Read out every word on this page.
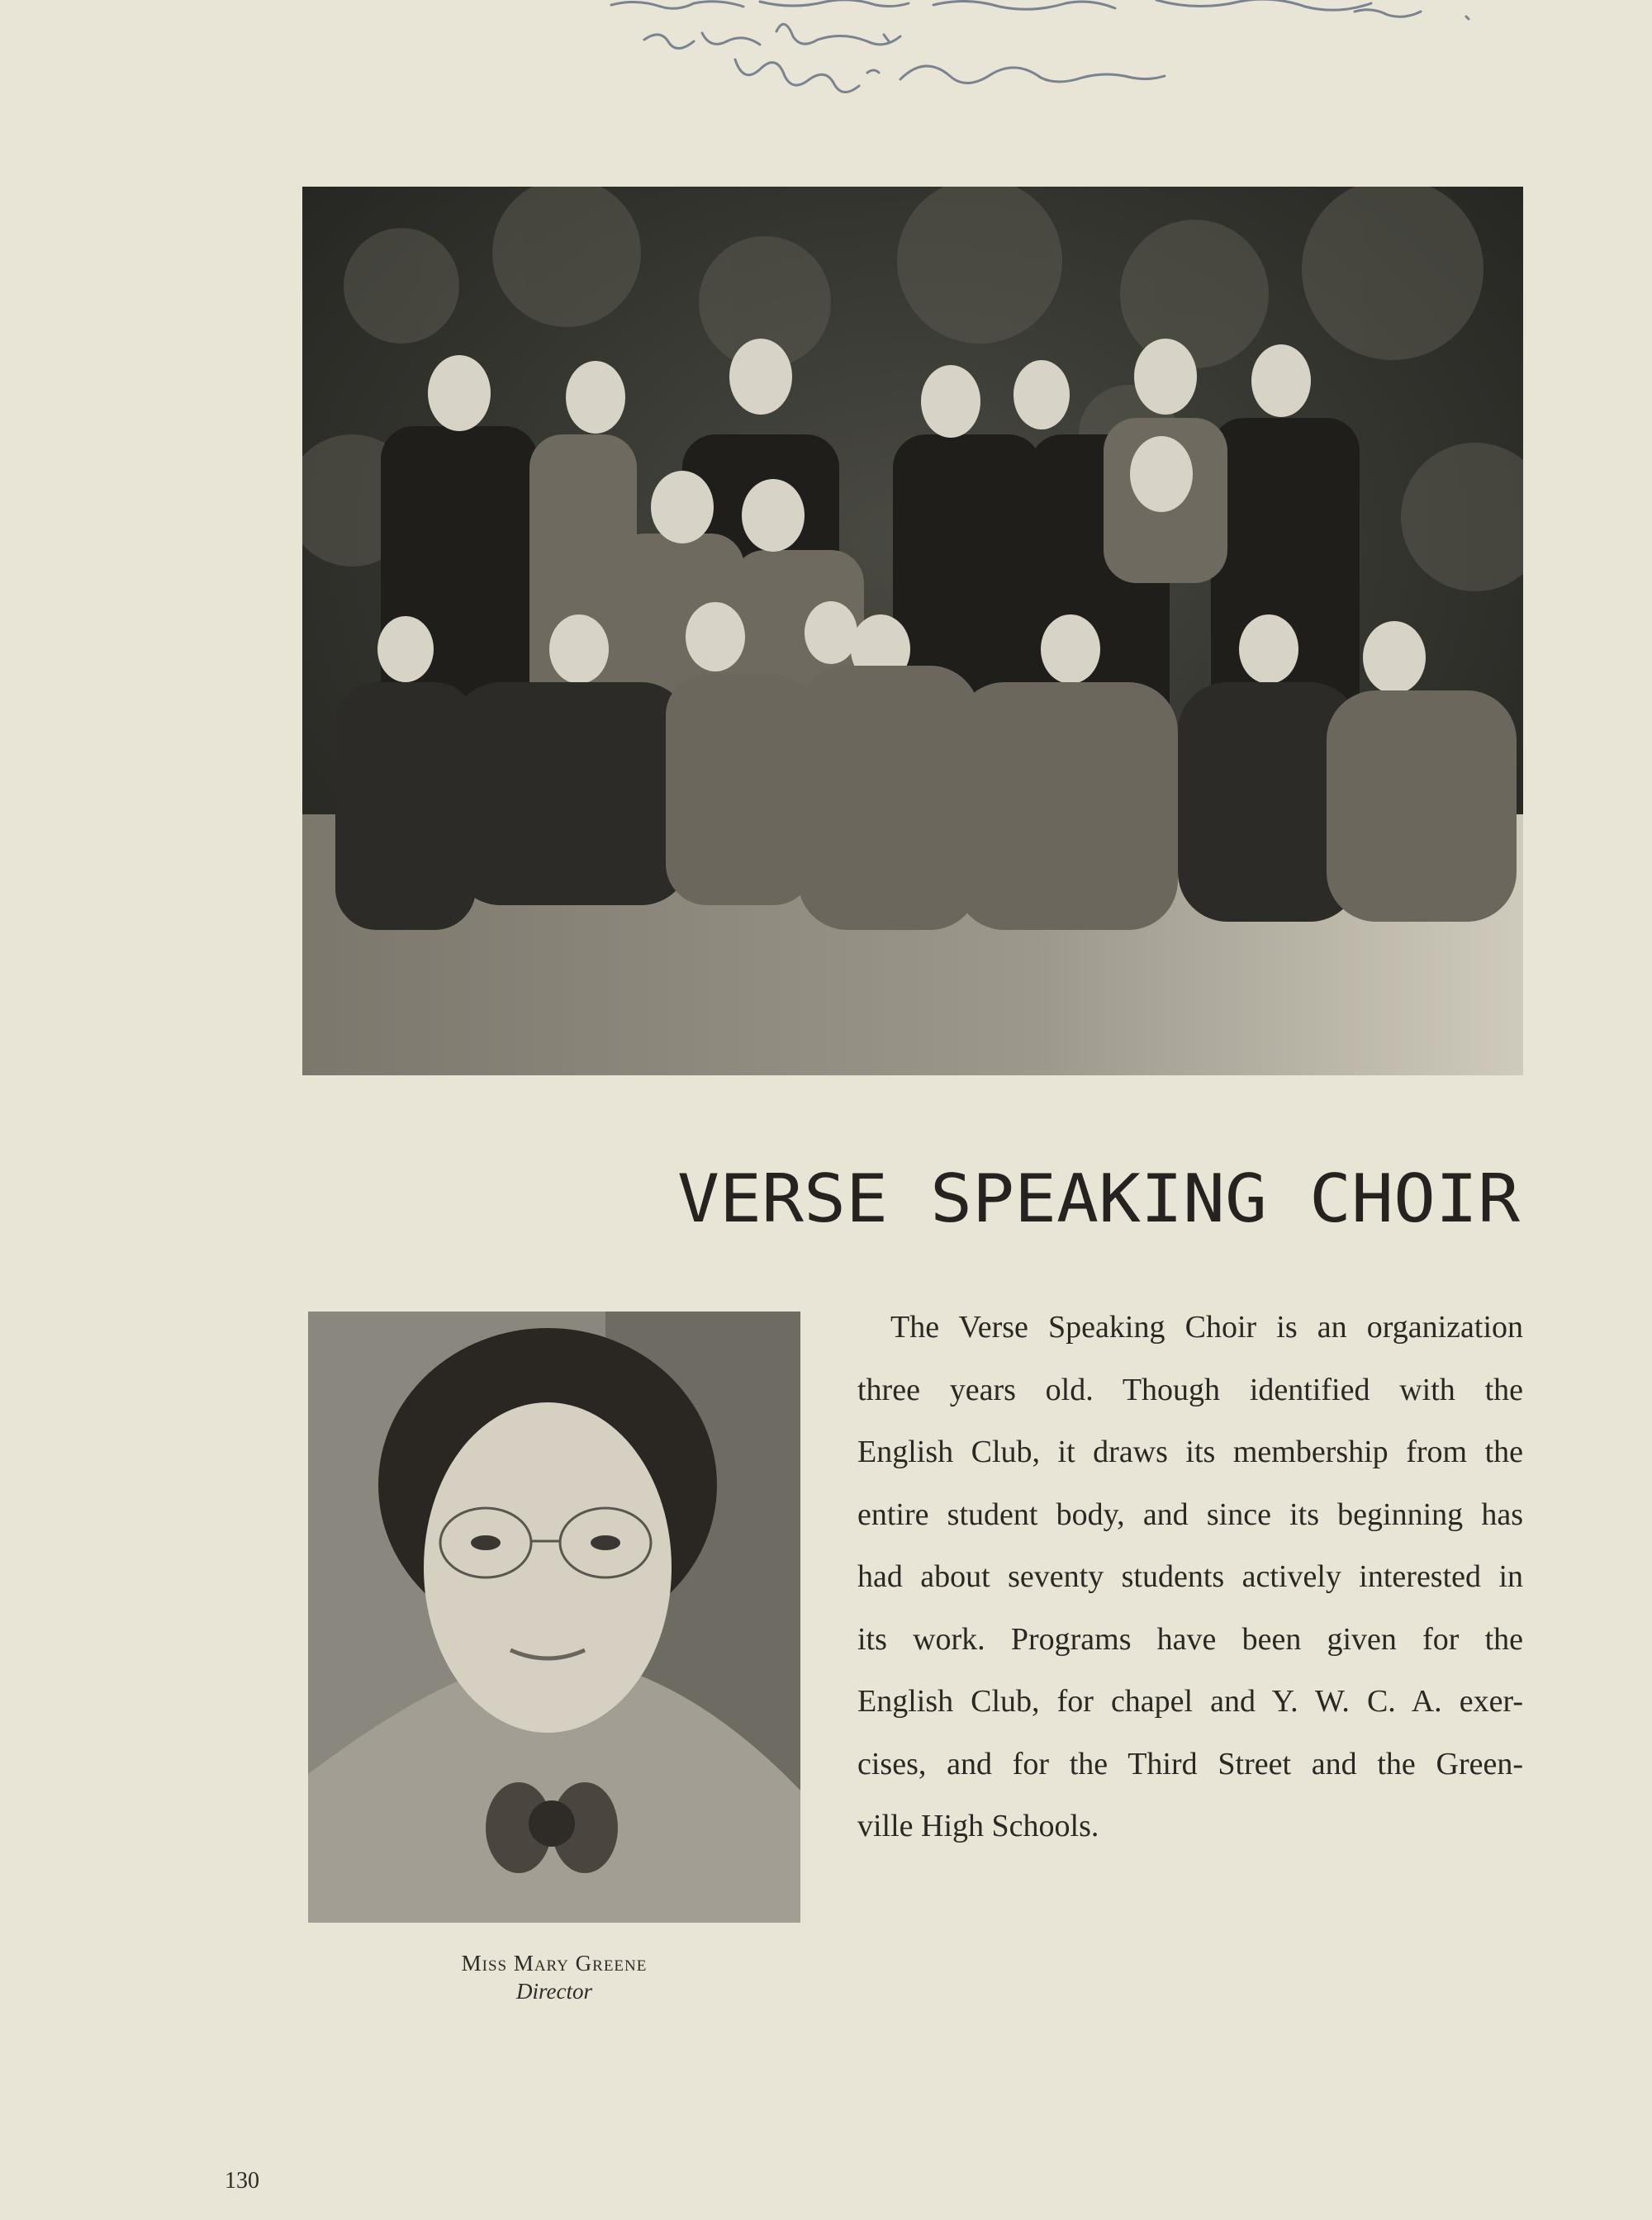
VERSE SPEAKING CHOIR
Miss Mary Greene
Director
The Verse Speaking Choir is an organization
three years old. Though identified with the
English Club, it draws its membership from the
entire student body, and since its beginning has
had about seventy students actively interested in
its work. Programs have been given for the
English Club, for chapel and Y. W. C. A. exer-
cises, and for the Third Street and the Green-
ville High Schools.
130
